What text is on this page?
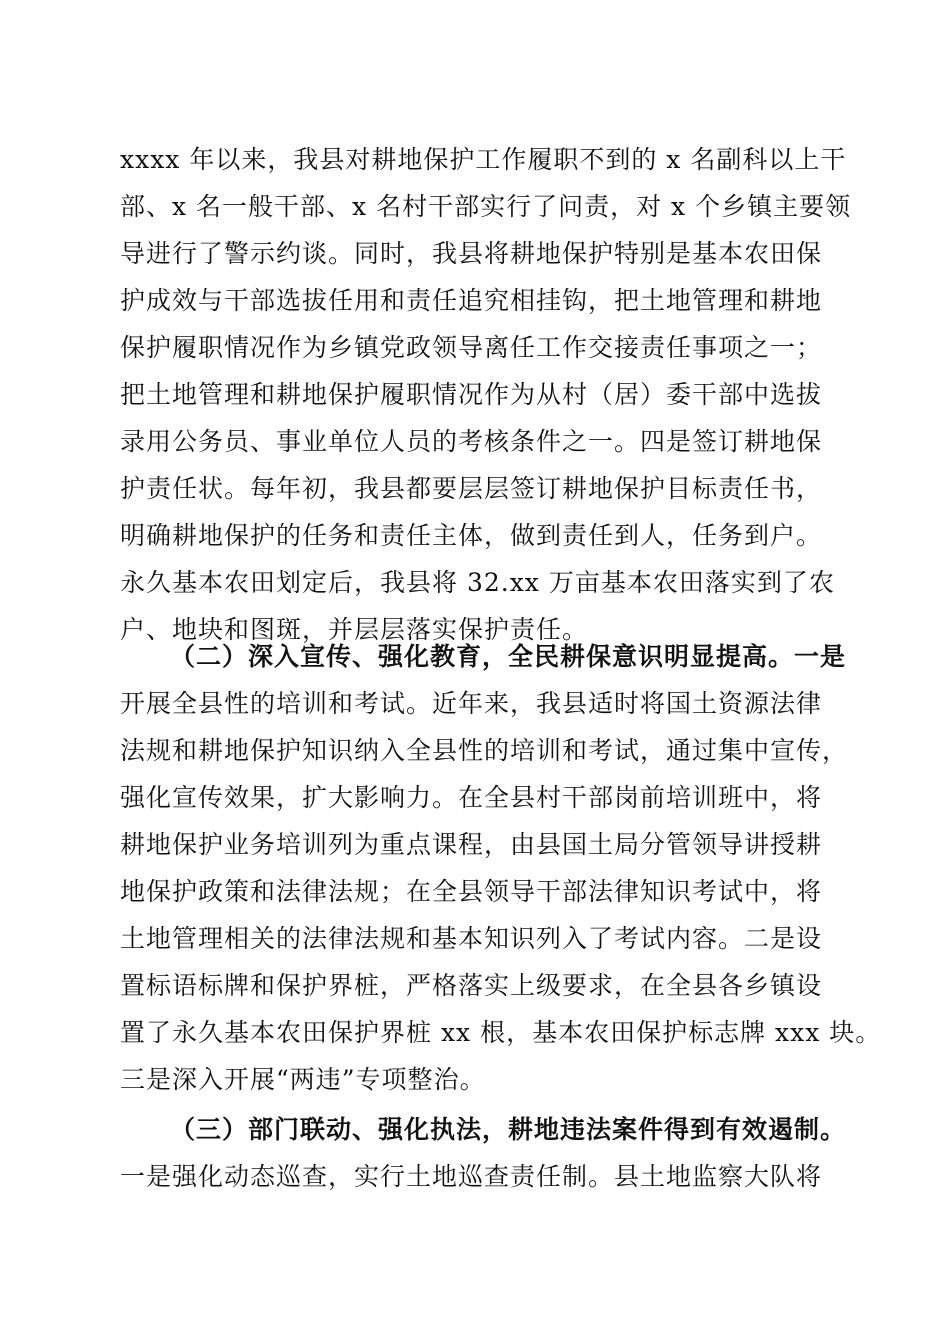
xxxx 年以来，我县对耕地保护工作履职不到的 x 名副科以上干
部、x 名一般干部、x 名村干部实行了问责，对 x 个乡镇主要领
导进行了警示约谈。同时，我县将耕地保护特别是基本农田保
护成效与干部选拔任用和责任追究相挂钩，把土地管理和耕地
保护履职情况作为乡镇党政领导离任工作交接责任事项之一；
把土地管理和耕地保护履职情况作为从村（居）委干部中选拔
录用公务员、事业单位人员的考核条件之一。四是签订耕地保
护责任状。每年初，我县都要层层签订耕地保护目标责任书，
明确耕地保护的任务和责任主体，做到责任到人，任务到户。
永久基本农田划定后，我县将 32.xx 万亩基本农田落实到了农
户、地块和图斑，并层层落实保护责任。
（二）深入宣传、强化教育，全民耕保意识明显提高。一是
开展全县性的培训和考试。近年来，我县适时将国土资源法律
法规和耕地保护知识纳入全县性的培训和考试，通过集中宣传，
强化宣传效果，扩大影响力。在全县村干部岗前培训班中，将
耕地保护业务培训列为重点课程，由县国土局分管领导讲授耕
地保护政策和法律法规；在全县领导干部法律知识考试中，将
土地管理相关的法律法规和基本知识列入了考试内容。二是设
置标语标牌和保护界桩，严格落实上级要求，在全县各乡镇设
置了永久基本农田保护界桩 xx 根，基本农田保护标志牌 xxx 块。
三是深入开展“两违”专项整治。
（三）部门联动、强化执法，耕地违法案件得到有效遏制。
一是强化动态巡查，实行土地巡查责任制。县土地监察大队将
